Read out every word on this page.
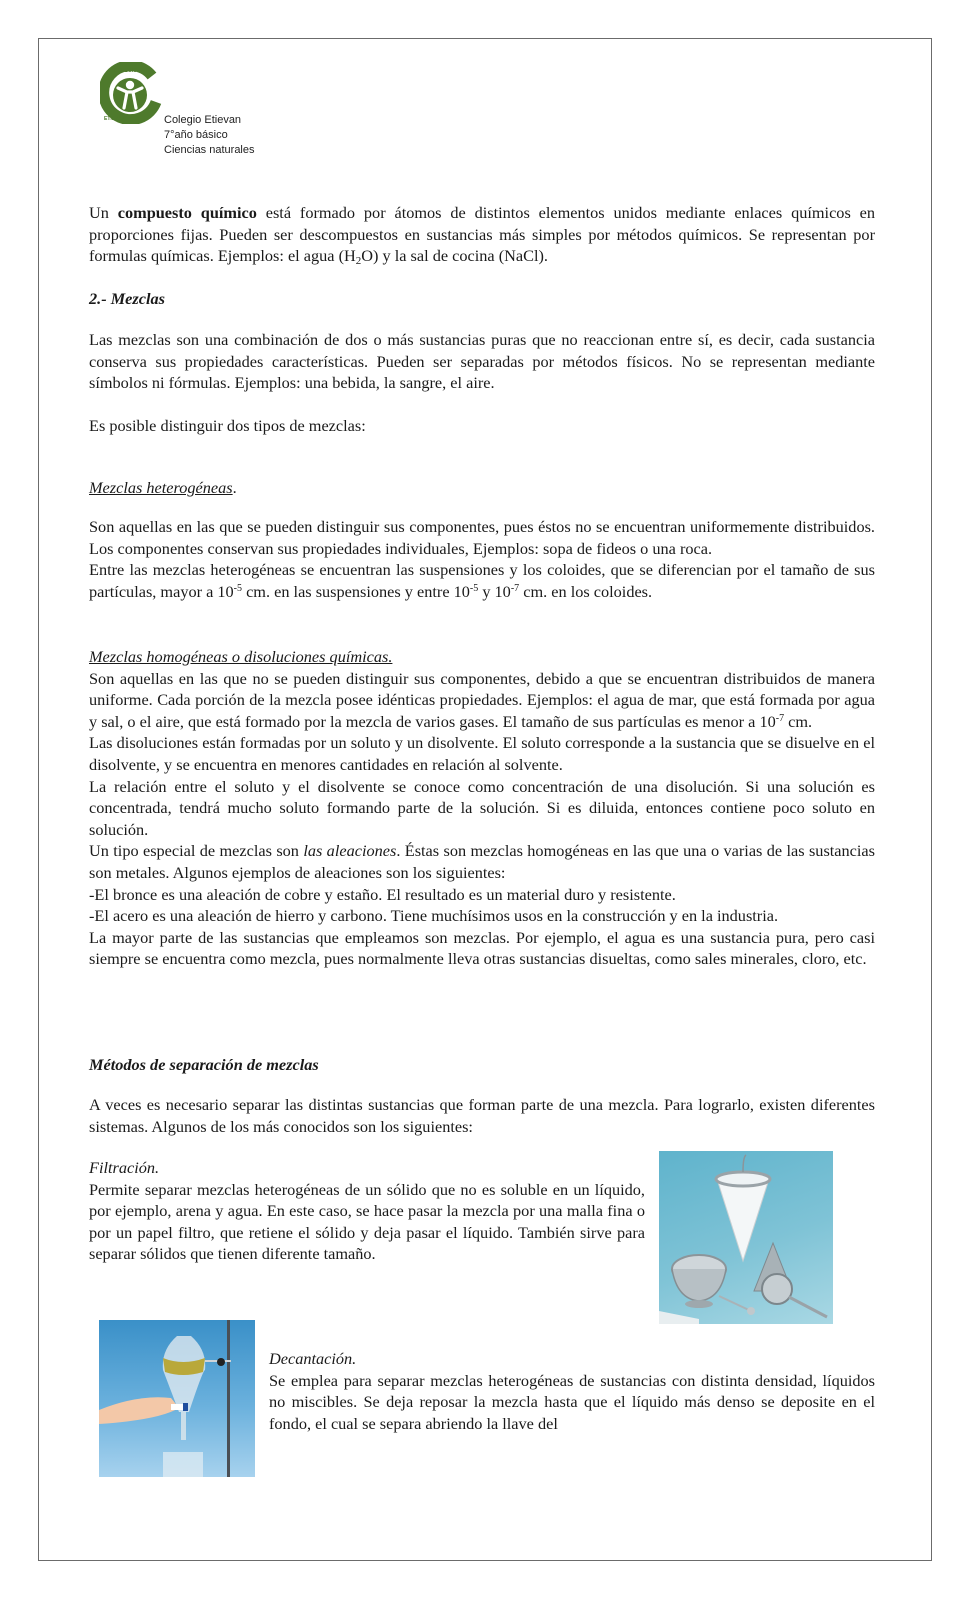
COLEGIO
ETIEVAN	Colegio Etievan
7°año básico
Ciencias naturales

Un compuesto químico está formado por átomos de distintos elementos unidos mediante enlaces químicos en proporciones fijas. Pueden ser descompuestos en sustancias más simples por métodos químicos. Se representan por formulas químicas. Ejemplos: el agua $(H_2O)$ y la sal de cocina (NaCl).

2.- Mezclas

Las mezclas son una combinación de dos o más sustancias puras que no reaccionan entre sí, es decir, cada sustancia conserva sus propiedades características. Pueden ser separadas por métodos físicos. No se representan mediante símbolos ni fórmulas. Ejemplos: una bebida, la sangre, el aire.

Es posible distinguir dos tipos de mezclas:

Mezclas heterogéneas.

Son aquellas en las que se pueden distinguir sus componentes, pues éstos no se encuentran uniformemente distribuidos. Los componentes conservan sus propiedades individuales, Ejemplos: sopa de fideos o una roca.

Entre las mezclas heterogéneas se encuentran las suspensiones y los coloides, que se diferencian por el tamaño de sus partículas, mayor a $10^{-5}$ cm. en las suspensiones y entre $10^{-5}$ y $10^{-7}$ cm. en los coloides.

Mezclas homogéneas o disoluciones químicas.

Son aquellas en las que no se pueden distinguir sus componentes, debido a que se encuentran distribuidos de manera uniforme. Cada porción de la mezcla posee idénticas propiedades. Ejemplos: el agua de mar, que está formada por agua y sal, o el aire, que está formado por la mezcla de varios gases. El tamaño de sus partículas es menor a $10^{-7}$ cm.

Las disoluciones están formadas por un soluto y un disolvente. El soluto corresponde a la sustancia que se disuelve en el disolvente, y se encuentra en menores cantidades en relación al solvente.

La relación entre el soluto y el disolvente se conoce como concentración de una disolución. Si una solución es concentrada, tendrá mucho soluto formando parte de la solución. Si es diluida, entonces contiene poco soluto en solución.

Un tipo especial de mezclas son las aleaciones. Éstas son mezclas homogéneas en las que una o varias de las sustancias son metales. Algunos ejemplos de aleaciones son los siguientes:

-El bronce es una aleación de cobre y estaño. El resultado es un material duro y resistente.

-El acero es una aleación de hierro y carbono. Tiene muchísimos usos en la construcción y en la industria.

La mayor parte de las sustancias que empleamos son mezclas. Por ejemplo, el agua es una sustancia pura, pero casi siempre se encuentra como mezcla, pues normalmente lleva otras sustancias disueltas, como sales minerales, cloro, etc.

Métodos de separación de mezclas

A veces es necesario separar las distintas sustancias que forman parte de una mezcla. Para lograrlo, existen diferentes sistemas. Algunos de los más conocidos son los siguientes:

Filtración.

Permite separar mezclas heterogéneas de un sólido que no es soluble en un líquido, por ejemplo, arena y agua. En este caso, se hace pasar la mezcla por una malla fina o por un papel filtro, que retiene el sólido y deja pasar el líquido. También sirve para separar sólidos que tienen diferente tamaño.

Decantación.

Se emplea para separar mezclas heterogéneas de sustancias con distinta densidad, líquidos no miscibles. Se deja reposar la mezcla hasta que el líquido más denso se deposite en el fondo, el cual se separa abriendo la llave del
